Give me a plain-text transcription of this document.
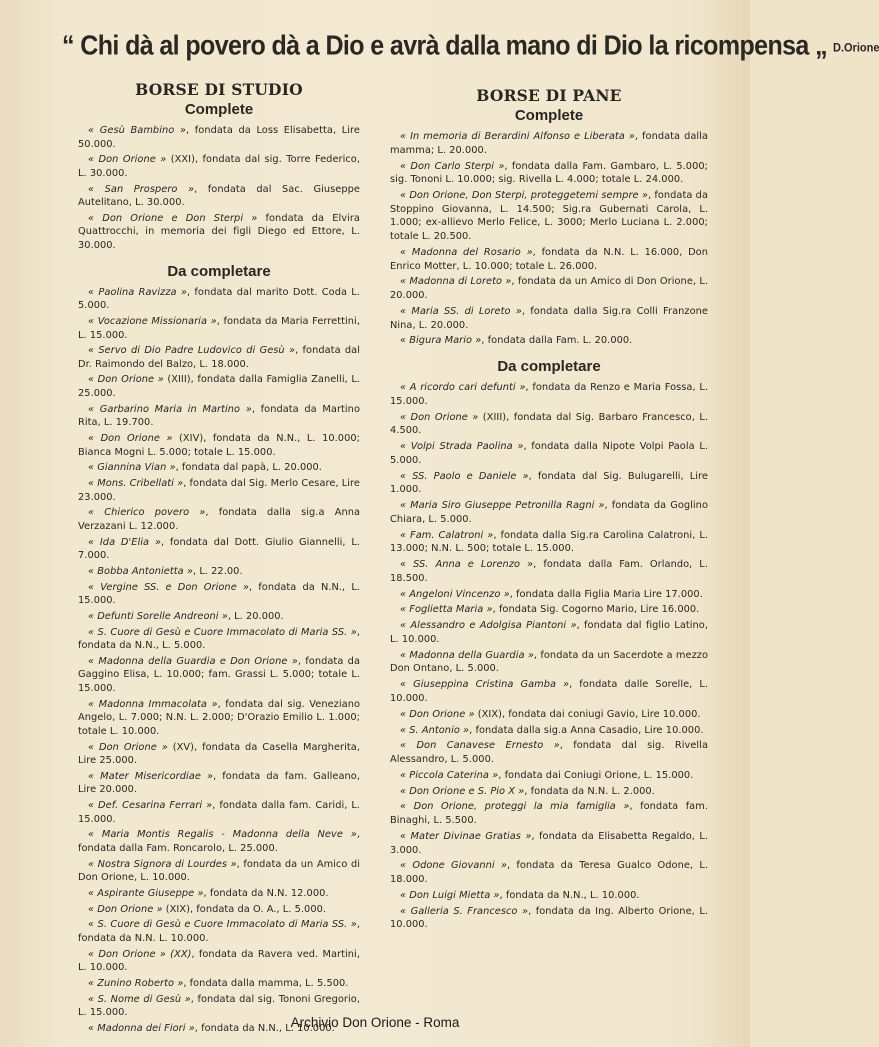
“ Chi dà al povero dà a Dio e avrà dalla mano di Dio la ricompensa „ D.Orione
BORSE DI STUDIO
Complete

« Gesù Bambino », fondata da Loss Elisabetta, Lire 50.000.

« Don Orione » (XXI), fondata dal sig. Torre Federico, L. 30.000.

« San Prospero », fondata dal Sac. Giuseppe Autelitano, L. 30.000.

« Don Orione e Don Sterpi » fondata da Elvira Quattrocchi, in memoria dei figli Diego ed Ettore, L. 30.000.

Da completare

« Paolina Ravizza », fondata dal marito Dott. Coda L. 5.000.

« Vocazione Missionaria », fondata da Maria Ferrettini, L. 15.000.

« Servo di Dio Padre Ludovico di Gesù », fondata dal Dr. Raimondo del Balzo, L. 18.000.

« Don Orione » (XIII), fondata dalla Famiglia Zanelli, L. 25.000.

« Garbarino Maria in Martino », fondata da Martino Rita, L. 19.700.

« Don Orione » (XIV), fondata da N.N., L. 10.000; Bianca Mogni L. 5.000; totale L. 15.000.

« Giannina Vian », fondata dal papà, L. 20.000.

« Mons. Cribellati », fondata dal Sig. Merlo Cesare, Lire 23.000.

« Chierico povero », fondata dalla sig.a Anna Verzazani L. 12.000.

« Ida D'Elia », fondata dal Dott. Giulio Giannelli, L. 7.000.

« Bobba Antonietta », L. 22.00.

« Vergine SS. e Don Orione », fondata da N.N., L. 15.000.

« Defunti Sorelle Andreoni », L. 20.000.

« S. Cuore di Gesù e Cuore Immacolato di Maria SS. », fondata da N.N., L. 5.000.

« Madonna della Guardia e Don Orione », fondata da Gaggino Elisa, L. 10.000; fam. Grassi L. 5.000; totale L. 15.000.

« Madonna Immacolata », fondata dal sig. Veneziano Angelo, L. 7.000; N.N. L. 2.000; D'Orazio Emilio L. 1.000; totale L. 10.000.

« Don Orione » (XV), fondata da Casella Margherita, Lire 25.000.

« Mater Misericordiae », fondata da fam. Galleano, Lire 20.000.

« Def. Cesarina Ferrari », fondata dalla fam. Caridi, L. 15.000.

« Maria Montis Regalis - Madonna della Neve », fondata dalla Fam. Roncarolo, L. 25.000.

« Nostra Signora di Lourdes », fondata da un Amico di Don Orione, L. 10.000.

« Aspirante Giuseppe », fondata da N.N. 12.000.

« Don Orione » (XIX), fondata da O. A., L. 5.000.

« S. Cuore di Gesù e Cuore Immacolato di Maria SS. », fondata da N.N. L. 10.000.

« Don Orione » (XX), fondata da Ravera ved. Martini, L. 10.000.

« Zunino Roberto », fondata dalla mamma, L. 5.500.

« S. Nome di Gesù », fondata dal sig. Tononi Gregorio, L. 15.000.

« Madonna dei Fiori », fondata da N.N., L. 10.000.

BORSE DI PANE
Complete

« In memoria di Berardini Alfonso e Liberata », fondata dalla mamma; L. 20.000.

« Don Carlo Sterpi », fondata dalla Fam. Gambaro, L. 5.000; sig. Tononi L. 10.000; sig. Rivella L. 4.000; totale L. 24.000.

« Don Orione, Don Sterpi, proteggetemi sempre », fondata da Stoppino Giovanna, L. 14.500; Sig.ra Gubernati Carola, L. 1.000; ex-allievo Merlo Felice, L. 3000; Merlo Luciana L. 2.000; totale L. 20.500.

« Madonna del Rosario », fondata da N.N. L. 16.000, Don Enrico Motter, L. 10.000; totale L. 26.000.

« Madonna di Loreto », fondata da un Amico di Don Orione, L. 20.000.

« Maria SS. di Loreto », fondata dalla Sig.ra Colli Franzone Nina, L. 20.000.

« Bigura Mario », fondata dalla Fam. L. 20.000.

Da completare

« A ricordo cari defunti », fondata da Renzo e Maria Fossa, L. 15.000.

« Don Orione » (XIII), fondata dal Sig. Barbaro Francesco, L. 4.500.

« Volpi Strada Paolina », fondata dalla Nipote Volpi Paola L. 5.000.

« SS. Paolo e Daniele », fondata dal Sig. Bulugarelli, Lire 1.000.

« Maria Siro Giuseppe Petronilla Ragni », fondata da Goglino Chiara, L. 5.000.

« Fam. Calatroni », fondata dalla Sig.ra Carolina Calatroni, L. 13.000; N.N. L. 500; totale L. 15.000.

« SS. Anna e Lorenzo », fondata dalla Fam. Orlando, L. 18.500.

« Angeloni Vincenzo », fondata dalla Figlia Maria Lire 17.000.

« Foglietta Maria », fondata Sig. Cogorno Mario, Lire 16.000.

« Alessandro e Adolgisa Piantoni », fondata dal figlio Latino, L. 10.000.

« Madonna della Guardia », fondata da un Sacerdote a mezzo Don Ontano, L. 5.000.

« Giuseppina Cristina Gamba », fondata dalle Sorelle, L. 10.000.

« Don Orione » (XIX), fondata dai coniugi Gavio, Lire 10.000.

« S. Antonio », fondata dalla sig.a Anna Casadio, Lire 10.000.

« Don Canavese Ernesto », fondata dal sig. Rivella Alessandro, L. 5.000.

« Piccola Caterina », fondata dai Coniugi Orione, L. 15.000.

« Don Orione e S. Pio X », fondata da N.N. L. 2.000.

« Don Orione, proteggi la mia famiglia », fondata fam. Binaghi, L. 5.500.

« Mater Divinae Gratias », fondata da Elisabetta Regaldo, L. 3.000.

« Odone Giovanni », fondata da Teresa Gualco Odone, L. 18.000.

« Don Luigi Mietta », fondata da N.N., L. 10.000.

« Galleria S. Francesco », fondata da Ing. Alberto Orione, L. 10.000.

Archivio Don Orione - Roma
